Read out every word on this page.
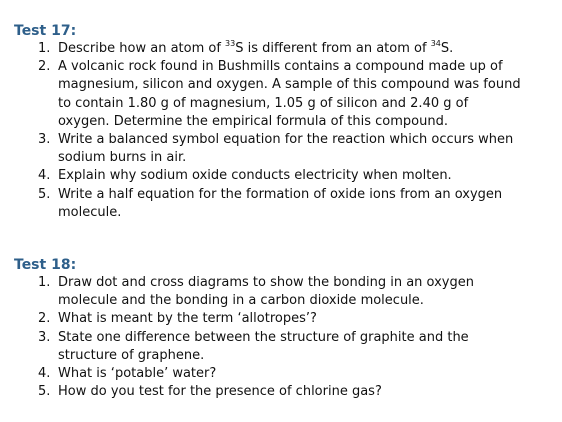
Test 17:
1. Describe how an atom of $^{33}$S is different from an atom of $^{34}$S.
2. A volcanic rock found in Bushmills contains a compound made up of
magnesium, silicon and oxygen. A sample of this compound was found
to contain 1.80 g of magnesium, 1.05 g of silicon and 2.40 g of
oxygen. Determine the empirical formula of this compound.
3. Write a balanced symbol equation for the reaction which occurs when
sodium burns in air.
4. Explain why sodium oxide conducts electricity when molten.
5. Write a half equation for the formation of oxide ions from an oxygen
molecule.
Test 18:
1. Draw dot and cross diagrams to show the bonding in an oxygen
molecule and the bonding in a carbon dioxide molecule.
2. What is meant by the term ‘allotropes’?
3. State one difference between the structure of graphite and the
structure of graphene.
4. What is ‘potable’ water?
5. How do you test for the presence of chlorine gas?
